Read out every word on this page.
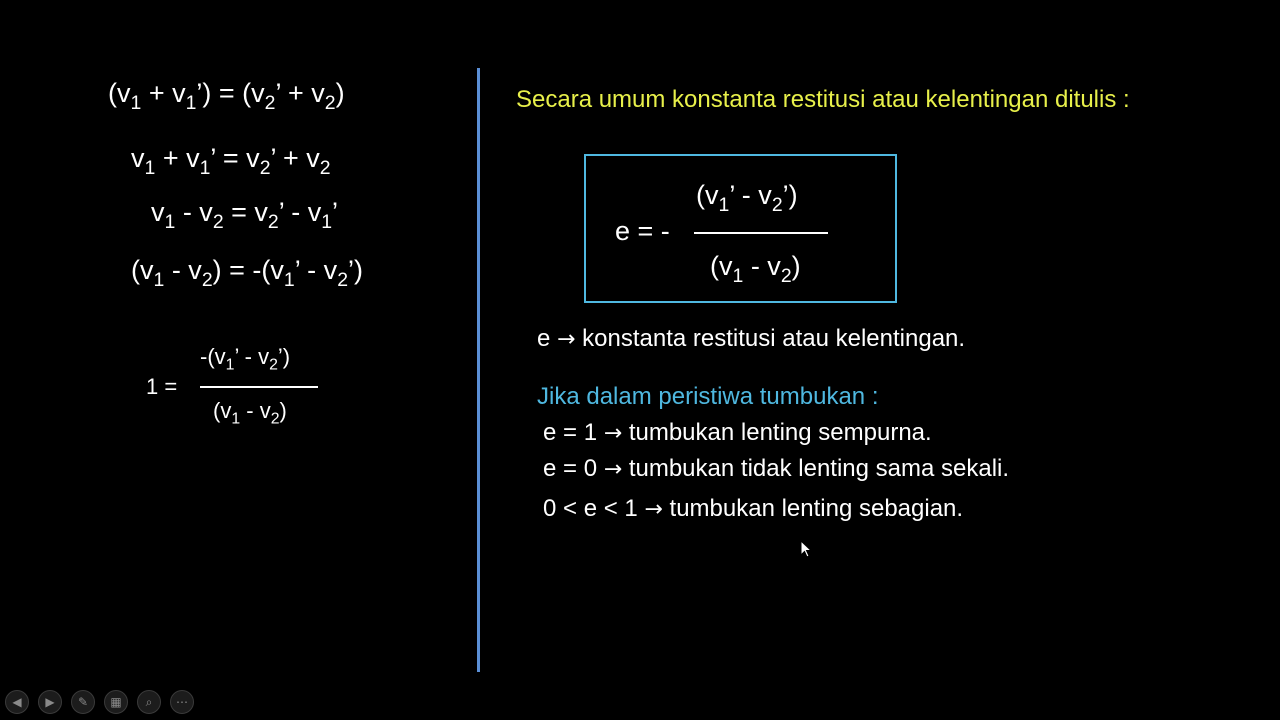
($v_1$ + $v_1’) = (v_2$’ + $v_2$)
$v_1 + v_1$’ = $v_2$’ + $v_2$
$v_1 - v_2 = v_2$’ - $v_1$’
$(v_1 - v_2) = -(v_1$’ - $v_2$’)
1 =
$-(v_1$’ - $v_2$’)
$(v_1 - v_2)$
Secara umum konstanta restitusi atau kelentingan ditulis :
e = -
($v_1$’ - $v_2$’)
$(v_1 - v_2)$
e → konstanta restitusi atau kelentingan.
Jika dalam peristiwa tumbukan :
e = 1 → tumbukan lenting sempurna.
e = 0 → tumbukan tidak lenting sama sekali.
0 < e < 1 → tumbukan lenting sebagian.
◀ ▶ ✎ ▦ ⌕ ⋯
